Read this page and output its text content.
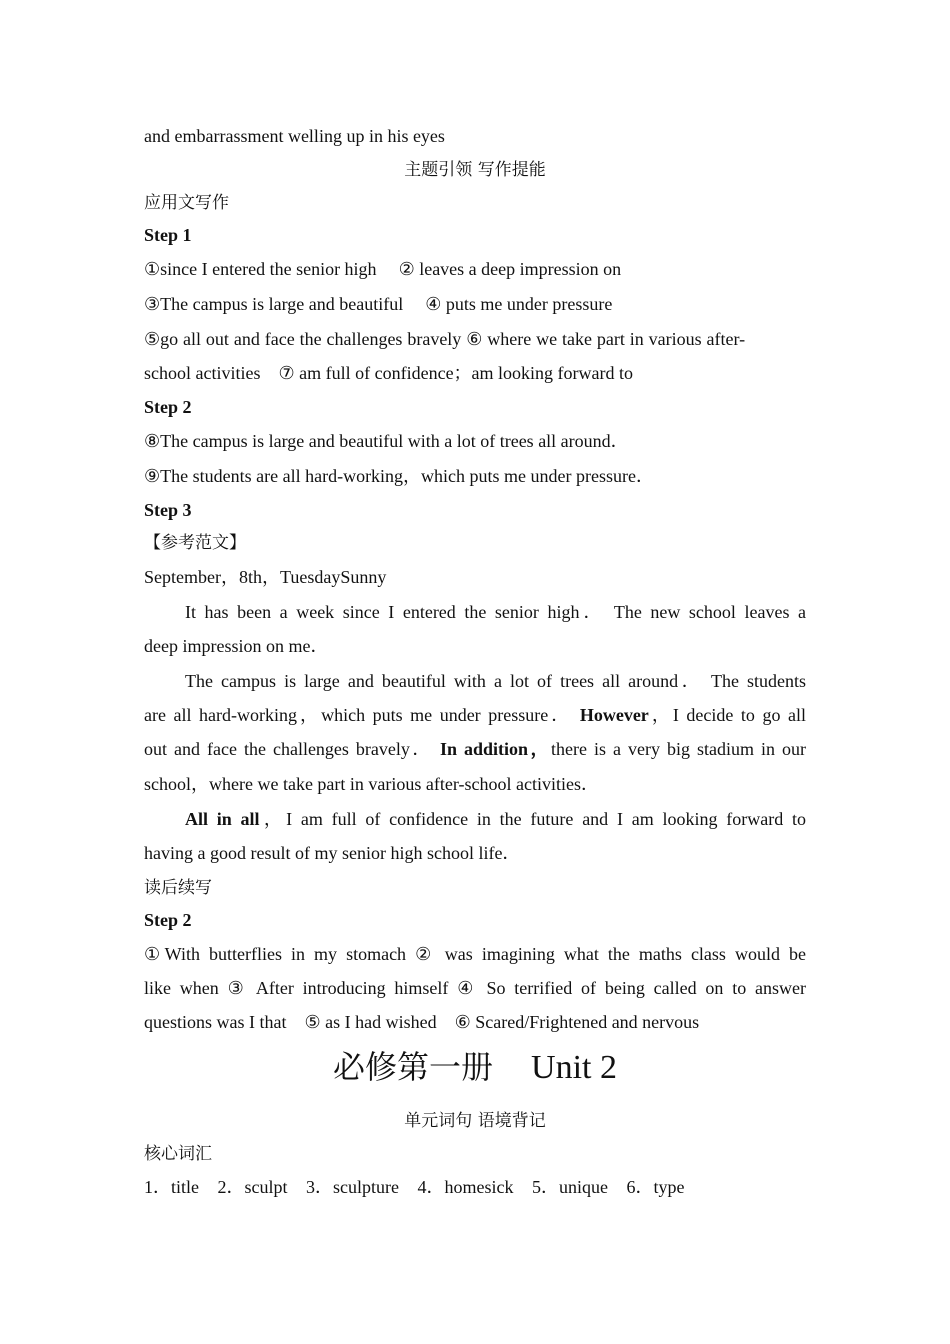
and embarrassment welling up in his eyes
主题引领 写作提能
应用文写作
Step 1
①since I entered the senior high ② leaves a deep impression on
③The campus is large and beautiful ④ puts me under pressure
⑤go all out and face the challenges bravely ⑥ where we take part in various after-
school activities ⑦ am full of confidence；am looking forward to
Step 2
⑧The campus is large and beautiful with a lot of trees all around．
⑨The students are all hard-working，which puts me under pressure．
Step 3
【参考范文】
September，8th，TuesdaySunny
It has been a week since I entered the senior high． The new school leaves a
deep impression on me．
The campus is large and beautiful with a lot of trees all around． The students
are all hard-working，which puts me under pressure． However，I decide to go all
out and face the challenges bravely． In addition，there is a very big stadium in our
school，where we take part in various after-school activities．
All in all，I am full of confidence in the future and I am looking forward to
having a good result of my senior high school life．
读后续写
Step 2
①With butterflies in my stomach ② was imagining what the maths class would be
like when ③ After introducing himself ④ So terrified of being called on to answer
questions was I that ⑤ as I had wished ⑥ Scared/Frightened and nervous
必修第一册 Unit 2
单元词句 语境背记
核心词汇
1．title 2．sculpt 3．sculpture 4．homesick 5．unique 6．type
